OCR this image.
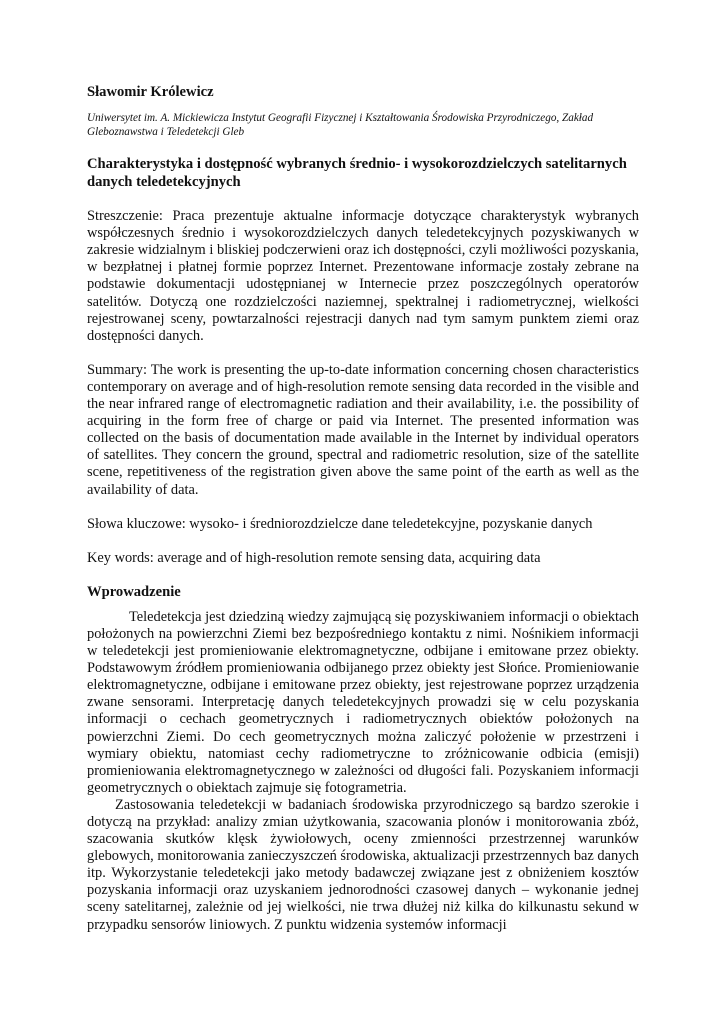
Sławomir Królewicz
Uniwersytet im. A. Mickiewicza Instytut Geografii Fizycznej i Kształtowania Środowiska Przyrodniczego, Zakład Gleboznawstwa i Teledetekcji Gleb
Charakterystyka i dostępność wybranych średnio- i wysokorozdzielczych satelitarnych danych teledetekcyjnych

Streszczenie: Praca prezentuje aktualne informacje dotyczące charakterystyk wybranych współczesnych średnio i wysokorozdzielczych danych teledetekcyjnych pozyskiwanych w zakresie widzialnym i bliskiej podczerwieni oraz ich dostępności, czyli możliwości pozyskania, w bezpłatnej i płatnej formie poprzez Internet. Prezentowane informacje zostały zebrane na podstawie dokumentacji udostępnianej w Internecie przez poszczególnych operatorów satelitów. Dotyczą one rozdzielczości naziemnej, spektralnej i radiometrycznej, wielkości rejestrowanej sceny, powtarzalności rejestracji danych nad tym samym punktem ziemi oraz dostępności danych.

Summary: The work is presenting the up-to-date information concerning chosen characteristics contemporary on average and of high-resolution remote sensing data recorded in the visible and the near infrared range of electromagnetic radiation and their availability, i.e. the possibility of acquiring in the form free of charge or paid via Internet. The presented information was collected on the basis of documentation made available in the Internet by individual operators of satellites. They concern the ground, spectral and radiometric resolution, size of the satellite scene, repetitiveness of the registration given above the same point of the earth as well as the availability of data.

Słowa kluczowe: wysoko- i średniorozdzielcze dane teledetekcyjne, pozyskanie danych

Key words: average and of high-resolution remote sensing data, acquiring data

Wprowadzenie

Teledetekcja jest dziedziną wiedzy zajmującą się pozyskiwaniem informacji o obiektach położonych na powierzchni Ziemi bez bezpośredniego kontaktu z nimi. Nośnikiem informacji w teledetekcji jest promieniowanie elektromagnetyczne, odbijane i emitowane przez obiekty. Podstawowym źródłem promieniowania odbijanego przez obiekty jest Słońce. Promieniowanie elektromagnetyczne, odbijane i emitowane przez obiekty, jest rejestrowane poprzez urządzenia zwane sensorami. Interpretację danych teledetekcyjnych prowadzi się w celu pozyskania informacji o cechach geometrycznych i radiometrycznych obiektów położonych na powierzchni Ziemi. Do cech geometrycznych można zaliczyć położenie w przestrzeni i wymiary obiektu, natomiast cechy radiometryczne to zróżnicowanie odbicia (emisji) promieniowania elektromagnetycznego w zależności od długości fali. Pozyskaniem informacji geometrycznych o obiektach zajmuje się fotogrametria.

Zastosowania teledetekcji w badaniach środowiska przyrodniczego są bardzo szerokie i dotyczą na przykład: analizy zmian użytkowania, szacowania plonów i monitorowania zbóż, szacowania skutków klęsk żywiołowych, oceny zmienności przestrzennej warunków glebowych, monitorowania zanieczyszczeń środowiska, aktualizacji przestrzennych baz danych itp. Wykorzystanie teledetekcji jako metody badawczej związane jest z obniżeniem kosztów pozyskania informacji oraz uzyskaniem jednorodności czasowej danych – wykonanie jednej sceny satelitarnej, zależnie od jej wielkości, nie trwa dłużej niż kilka do kilkunastu sekund w przypadku sensorów liniowych. Z punktu widzenia systemów informacji
